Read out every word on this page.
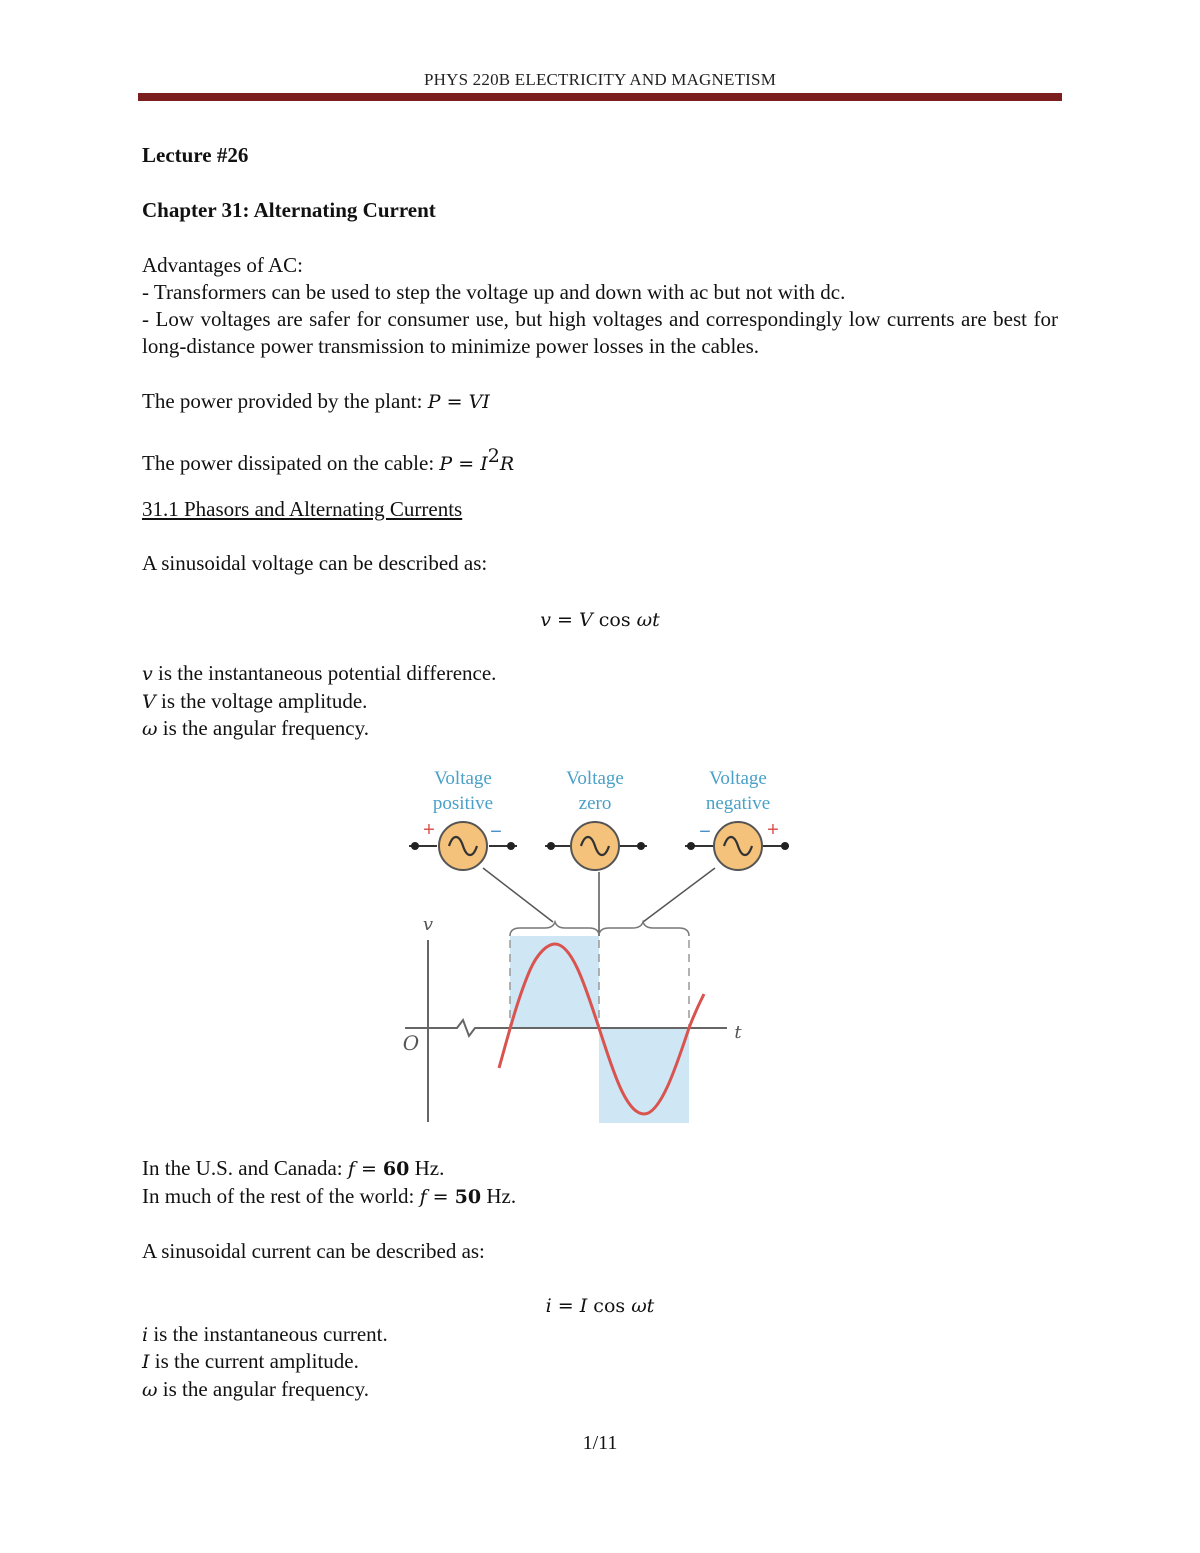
PHYS 220B ELECTRICITY AND MAGNETISM
Lecture #26
Chapter 31: Alternating Current
Advantages of AC:
- Transformers can be used to step the voltage up and down with ac but not with dc.
- Low voltages are safer for consumer use, but high voltages and correspondingly low currents are best for long-distance power transmission to minimize power losses in the cables.
The power provided by the plant: P = VI
The power dissipated on the cable: $P = I^2R$
31.1 Phasors and Alternating Currents
A sinusoidal voltage can be described as:
v = V cos ωt
v is the instantaneous potential difference.
V is the voltage amplitude.
ω is the angular frequency.
Voltage
positive
Voltage
zero
Voltage
negative
+	−	−	+
v
t
O
In the U.S. and Canada: f = 60 Hz.
In much of the rest of the world: f = 50 Hz.
A sinusoidal current can be described as:
i = I cos ωt
i is the instantaneous current.
I is the current amplitude.
ω is the angular frequency.
1/11
